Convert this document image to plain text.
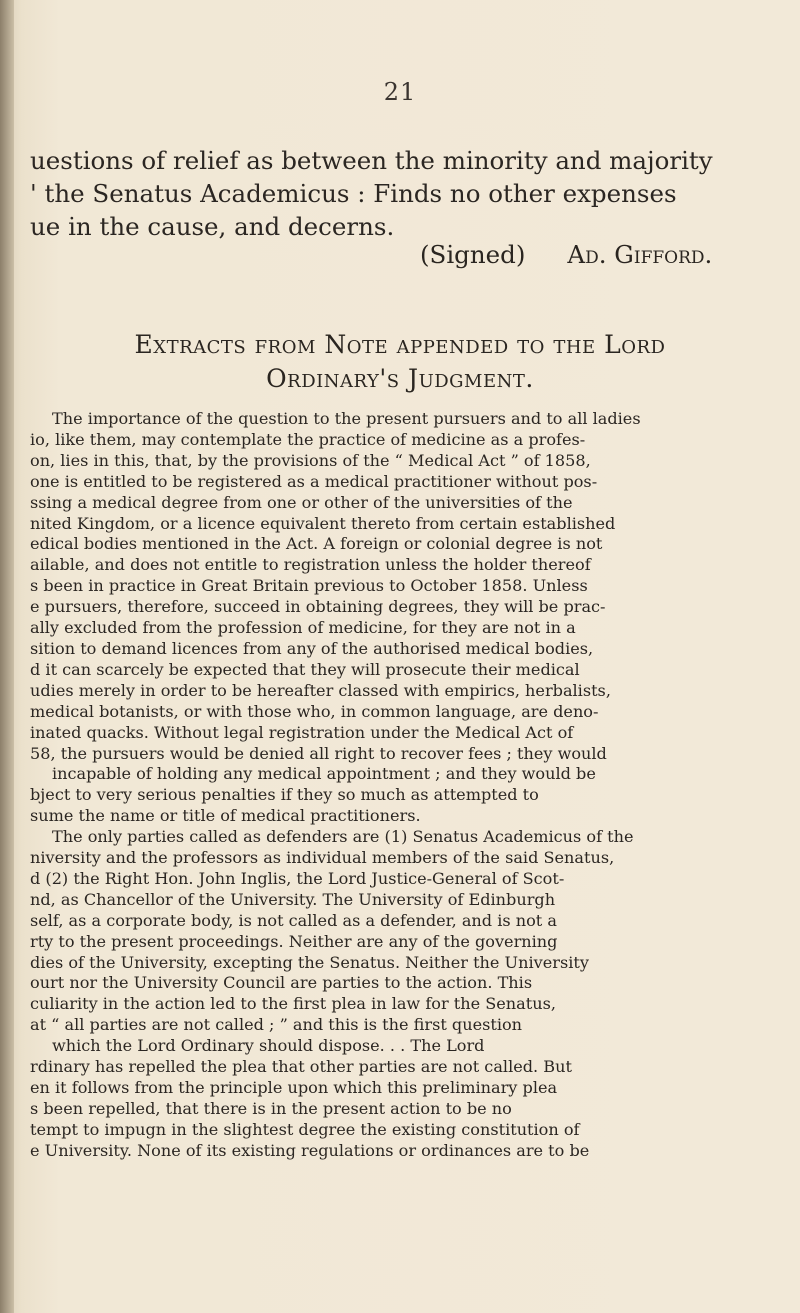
21
uestions of relief as between the minority and majority
' the Senatus Academicus : Finds no other expenses
ue in the cause, and decerns.
(Signed) Ad. Gifford.
Extracts from Note appended to the Lord
Ordinary's Judgment.
The importance of the question to the present pursuers and to all ladies
io, like them, may contemplate the practice of medicine as a profes-
on, lies in this, that, by the provisions of the “ Medical Act ” of 1858,
one is entitled to be registered as a medical practitioner without pos-
ssing a medical degree from one or other of the universities of the
nited Kingdom, or a licence equivalent thereto from certain established
edical bodies mentioned in the Act. A foreign or colonial degree is not
ailable, and does not entitle to registration unless the holder thereof
s been in practice in Great Britain previous to October 1858. Unless
e pursuers, therefore, succeed in obtaining degrees, they will be prac-
ally excluded from the profession of medicine, for they are not in a
sition to demand licences from any of the authorised medical bodies,
d it can scarcely be expected that they will prosecute their medical
udies merely in order to be hereafter classed with empirics, herbalists,
medical botanists, or with those who, in common language, are deno-
inated quacks. Without legal registration under the Medical Act of
58, the pursuers would be denied all right to recover fees ; they would
incapable of holding any medical appointment ; and they would be
bject to very serious penalties if they so much as attempted to
sume the name or title of medical practitioners.
The only parties called as defenders are (1) Senatus Academicus of the
niversity and the professors as individual members of the said Senatus,
d (2) the Right Hon. John Inglis, the Lord Justice-General of Scot-
nd, as Chancellor of the University. The University of Edinburgh
self, as a corporate body, is not called as a defender, and is not a
rty to the present proceedings. Neither are any of the governing
dies of the University, excepting the Senatus. Neither the University
ourt nor the University Council are parties to the action. This
culiarity in the action led to the first plea in law for the Senatus,
at “ all parties are not called ; ” and this is the first question
which the Lord Ordinary should dispose. . . The Lord
rdinary has repelled the plea that other parties are not called. But
en it follows from the principle upon which this preliminary plea
s been repelled, that there is in the present action to be no
tempt to impugn in the slightest degree the existing constitution of
e University. None of its existing regulations or ordinances are to be
